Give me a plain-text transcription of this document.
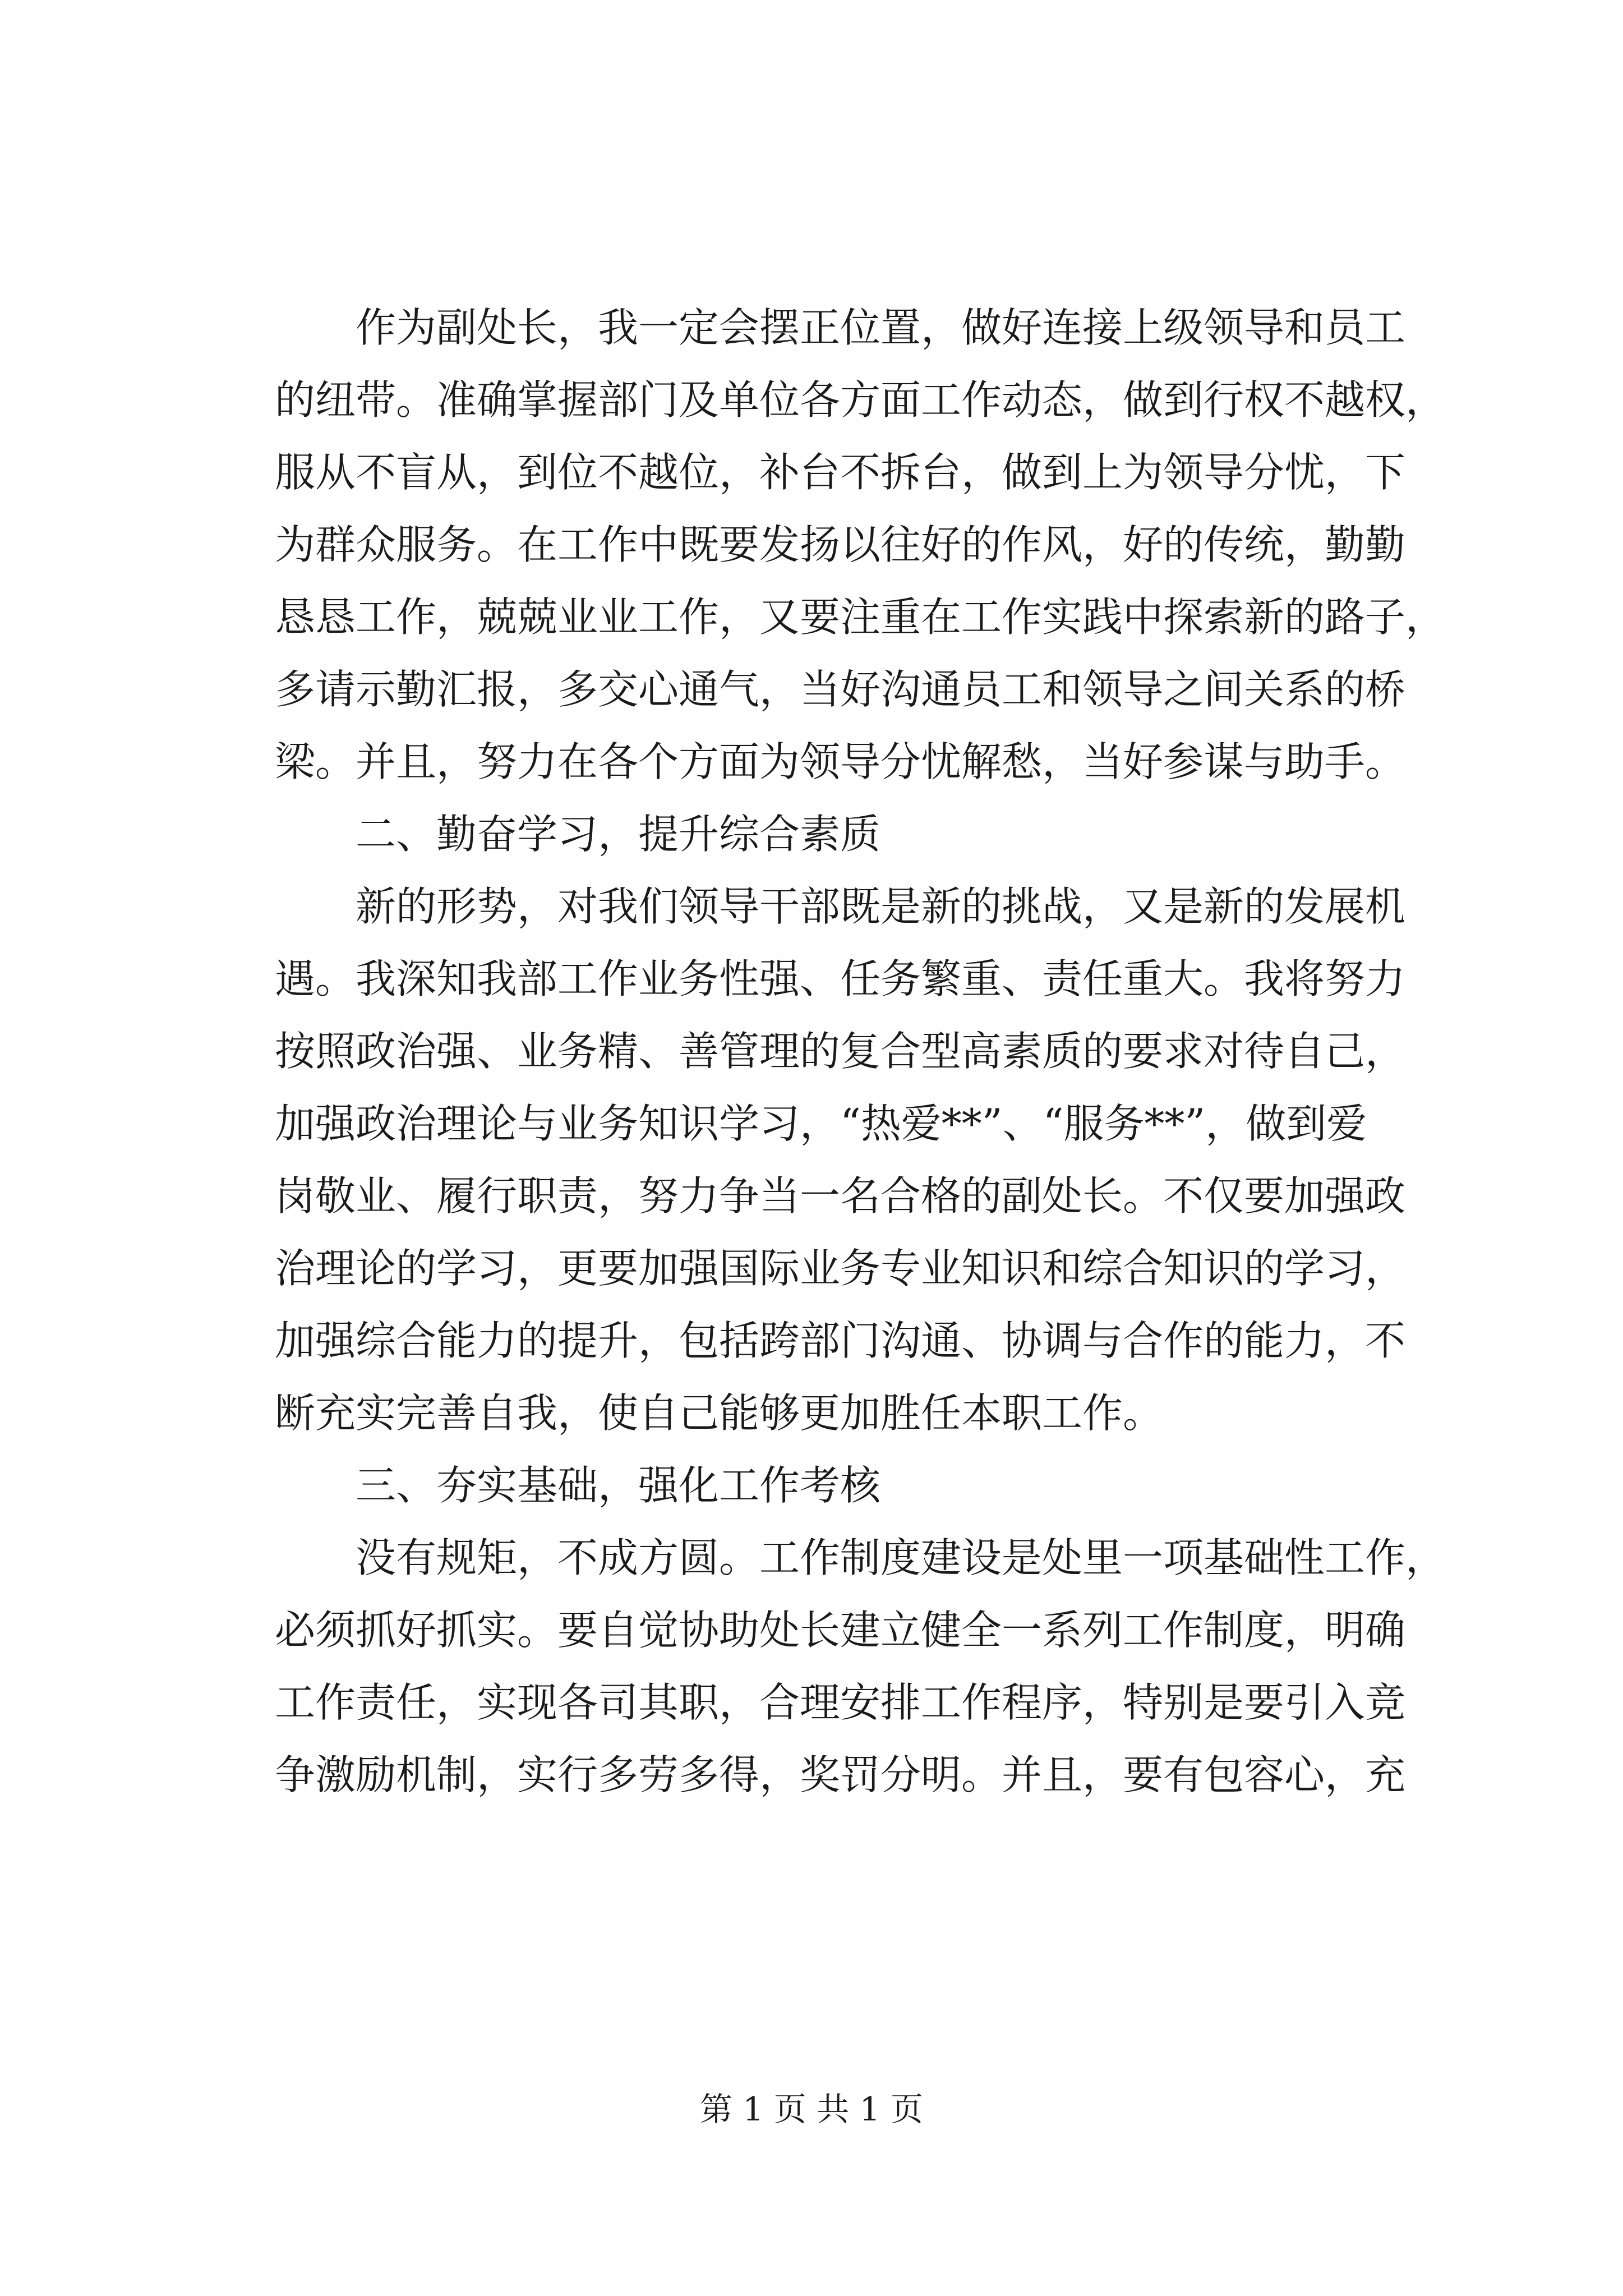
　　作为副处长，我一定会摆正位置，做好连接上级领导和员工
的纽带。准确掌握部门及单位各方面工作动态，做到行权不越权，
服从不盲从，到位不越位，补台不拆台，做到上为领导分忧，下
为群众服务。在工作中既要发扬以往好的作风，好的传统，勤勤
恳恳工作，兢兢业业工作，又要注重在工作实践中探索新的路子，
多请示勤汇报，多交心通气，当好沟通员工和领导之间关系的桥
梁。并且，努力在各个方面为领导分忧解愁，当好参谋与助手。
　　二、勤奋学习，提升综合素质
　　新的形势，对我们领导干部既是新的挑战，又是新的发展机
遇。我深知我部工作业务性强、任务繁重、责任重大。我将努力
按照政治强、业务精、善管理的复合型高素质的要求对待自己，
加强政治理论与业务知识学习，“热爱**”、“服务**”，做到爱
岗敬业、履行职责，努力争当一名合格的副处长。不仅要加强政
治理论的学习，更要加强国际业务专业知识和综合知识的学习，
加强综合能力的提升，包括跨部门沟通、协调与合作的能力，不
断充实完善自我，使自己能够更加胜任本职工作。
　　三、夯实基础，强化工作考核
　　没有规矩，不成方圆。工作制度建设是处里一项基础性工作，
必须抓好抓实。要自觉协助处长建立健全一系列工作制度，明确
工作责任，实现各司其职，合理安排工作程序，特别是要引入竞
争激励机制，实行多劳多得，奖罚分明。并且，要有包容心，充
第 1 页 共 1 页
